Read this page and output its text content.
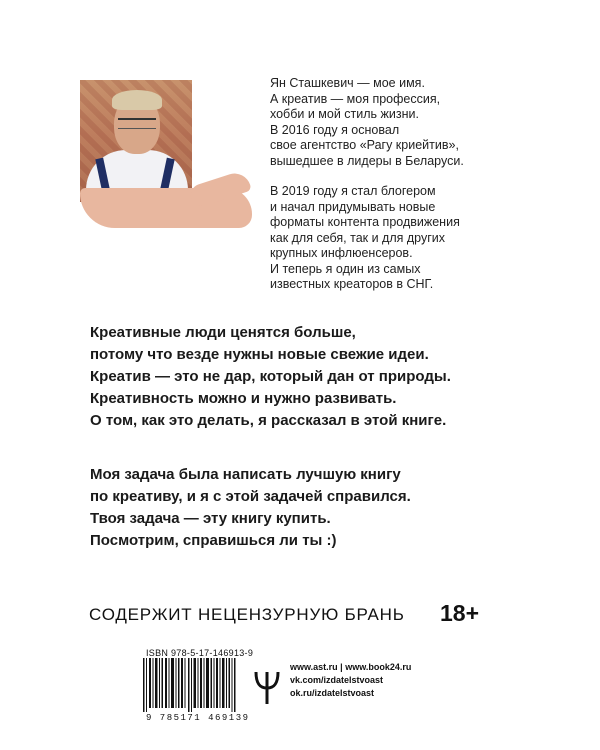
Ян Сташкевич — мое имя.
А креатив — моя профессия,
хобби и мой стиль жизни.
В 2016 году я основал
свое агентство «Рагу криейтив»,
вышедшее в лидеры в Беларуси.

В 2019 году я стал блогером
и начал придумывать новые
форматы контента продвижения
как для себя, так и для других
крупных инфлюенсеров.
И теперь я один из самых
известных креаторов в СНГ.

Креативные люди ценятся больше,
потому что везде нужны новые свежие идеи.
Креатив — это не дар, который дан от природы.
Креативность можно и нужно развивать.
О том, как это делать, я рассказал в этой книге.
Моя задача была написать лучшую книгу
по креативу, и я с этой задачей справился.
Твоя задача — эту книгу купить.
Посмотрим, справишься ли ты :)
СОДЕРЖИТ НЕЦЕНЗУРНУЮ БРАНЬ 18+
ISBN 978-5-17-146913-9
9 785171 469139
www.ast.ru | www.book24.ru
vk.com/izdatelstvoast
ok.ru/izdatelstvoast
